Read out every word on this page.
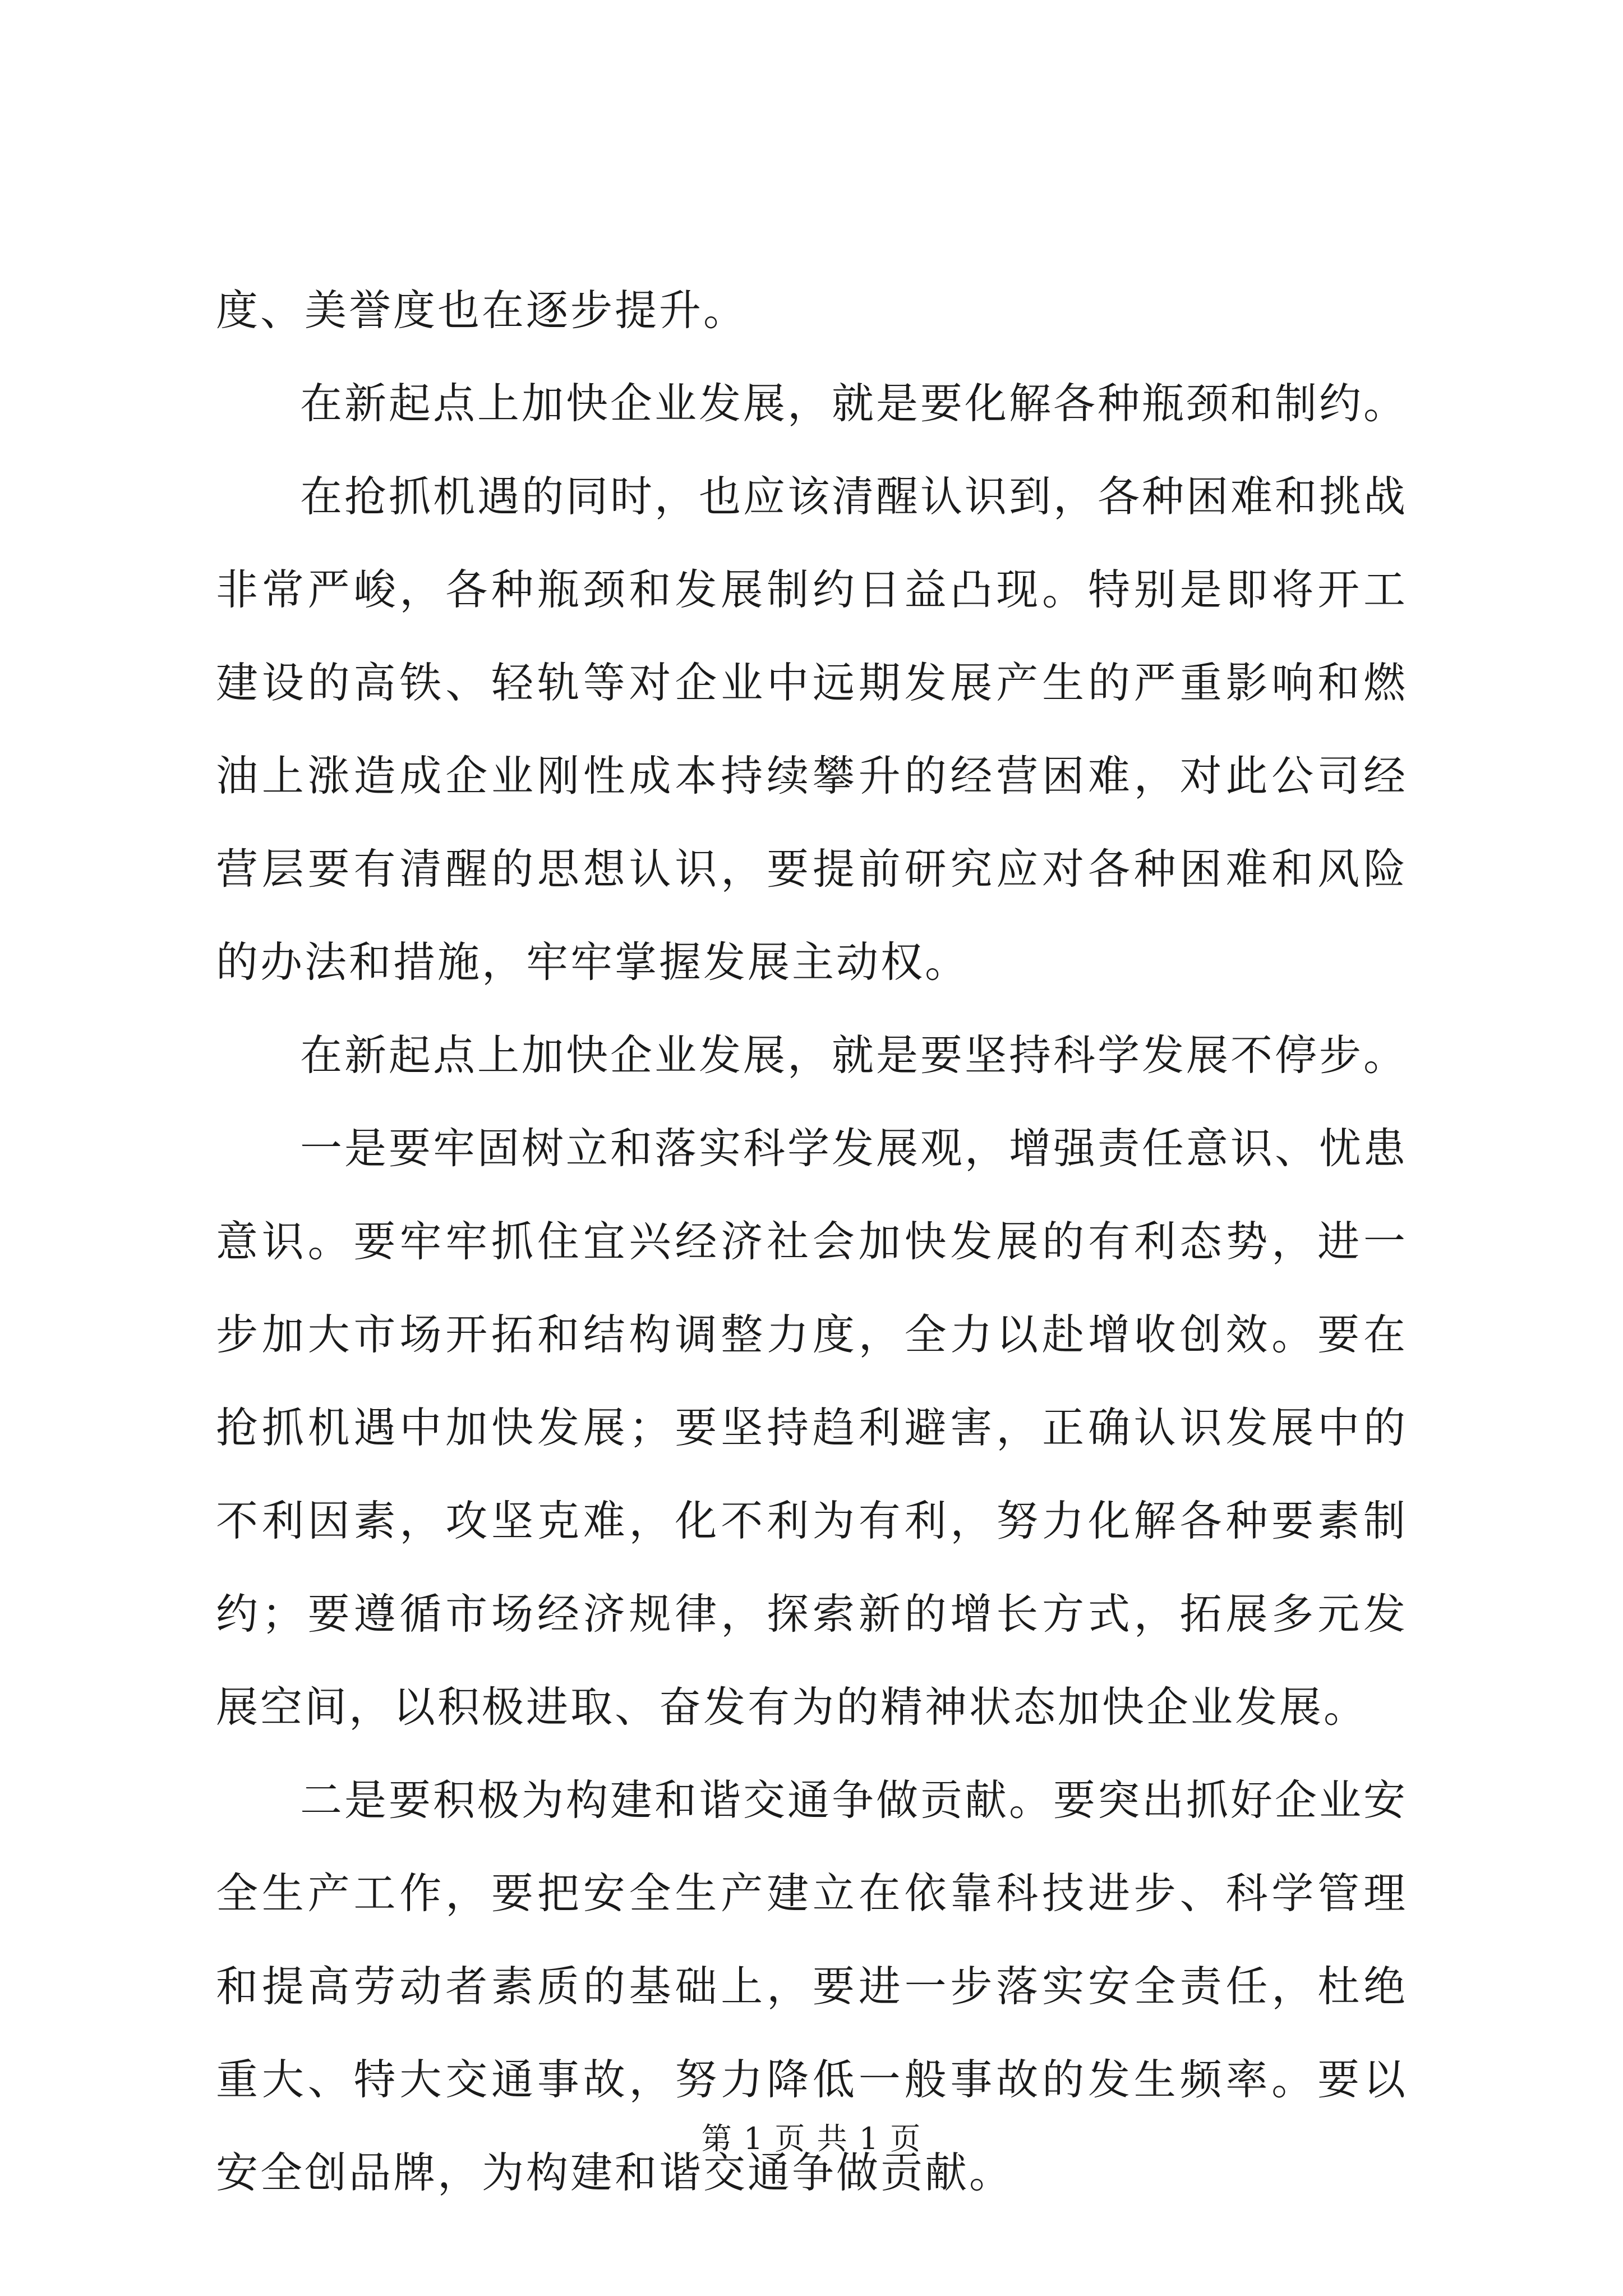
度、美誉度也在逐步提升。

在新起点上加快企业发展，就是要化解各种瓶颈和制约。

在抢抓机遇的同时，也应该清醒认识到，各种困难和挑战非常严峻，各种瓶颈和发展制约日益凸现。特别是即将开工建设的高铁、轻轨等对企业中远期发展产生的严重影响和燃油上涨造成企业刚性成本持续攀升的经营困难，对此公司经营层要有清醒的思想认识，要提前研究应对各种困难和风险的办法和措施，牢牢掌握发展主动权。

在新起点上加快企业发展，就是要坚持科学发展不停步。

一是要牢固树立和落实科学发展观，增强责任意识、忧患意识。要牢牢抓住宜兴经济社会加快发展的有利态势，进一步加大市场开拓和结构调整力度，全力以赴增收创效。要在抢抓机遇中加快发展；要坚持趋利避害，正确认识发展中的不利因素，攻坚克难，化不利为有利，努力化解各种要素制约；要遵循市场经济规律，探索新的增长方式，拓展多元发展空间，以积极进取、奋发有为的精神状态加快企业发展。

二是要积极为构建和谐交通争做贡献。要突出抓好企业安全生产工作，要把安全生产建立在依靠科技进步、科学管理和提高劳动者素质的基础上，要进一步落实安全责任，杜绝重大、特大交通事故，努力降低一般事故的发生频率。要以安全创品牌，为构建和谐交通争做贡献。

第 1 页 共 1 页
